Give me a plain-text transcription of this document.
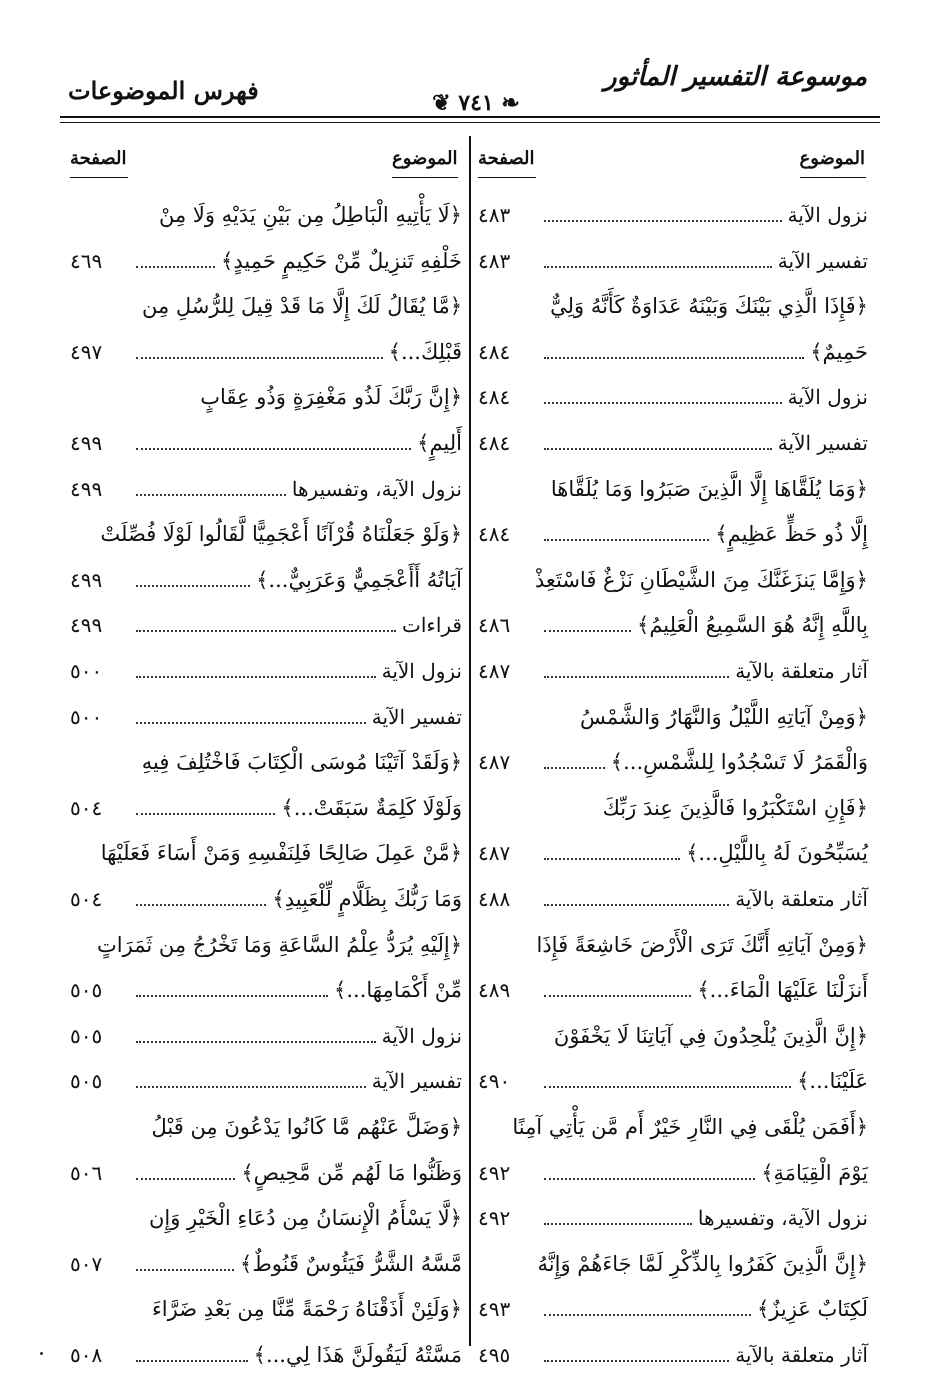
موسوعة التفسير المأثور
❦ ٧٤١ ❧
فهرس الموضوعات
الموضوع
الصفحة
الموضوع
الصفحة
نزول الآية
٤٨٣
تفسير الآية
٤٨٣
﴿فَإِذَا الَّذِي بَيْنَكَ وَبَيْنَهُ عَدَاوَةٌ كَأَنَّهُ وَلِيٌّ
حَمِيمٌ﴾
٤٨٤
نزول الآية
٤٨٤
تفسير الآية
٤٨٤
﴿وَمَا يُلَقَّاهَا إِلَّا الَّذِينَ صَبَرُوا وَمَا يُلَقَّاهَا
إِلَّا ذُو حَظٍّ عَظِيمٍ﴾
٤٨٤
﴿وَإِمَّا يَنزَغَنَّكَ مِنَ الشَّيْطَانِ نَزْغٌ فَاسْتَعِذْ
بِاللَّهِ إِنَّهُ هُوَ السَّمِيعُ الْعَلِيمُ﴾
٤٨٦
آثار متعلقة بالآية
٤٨٧
﴿وَمِنْ آيَاتِهِ اللَّيْلُ وَالنَّهَارُ وَالشَّمْسُ
وَالْقَمَرُ لَا تَسْجُدُوا لِلشَّمْسِ...﴾
٤٨٧
﴿فَإِنِ اسْتَكْبَرُوا فَالَّذِينَ عِندَ رَبِّكَ
يُسَبِّحُونَ لَهُ بِاللَّيْلِ...﴾
٤٨٧
آثار متعلقة بالآية
٤٨٨
﴿وَمِنْ آيَاتِهِ أَنَّكَ تَرَى الْأَرْضَ خَاشِعَةً فَإِذَا
أَنزَلْنَا عَلَيْهَا الْمَاءَ...﴾
٤٨٩
﴿إِنَّ الَّذِينَ يُلْحِدُونَ فِي آيَاتِنَا لَا يَخْفَوْنَ
عَلَيْنَا...﴾
٤٩٠
﴿أَفَمَن يُلْقَى فِي النَّارِ خَيْرٌ أَم مَّن يَأْتِي آمِنًا
يَوْمَ الْقِيَامَةِ﴾
٤٩٢
نزول الآية، وتفسيرها
٤٩٢
﴿إِنَّ الَّذِينَ كَفَرُوا بِالذِّكْرِ لَمَّا جَاءَهُمْ وَإِنَّهُ
لَكِتَابٌ عَزِيزٌ﴾
٤٩٣
آثار متعلقة بالآية
٤٩٥
﴿لَا يَأْتِيهِ الْبَاطِلُ مِن بَيْنِ يَدَيْهِ وَلَا مِنْ
خَلْفِهِ تَنزِيلٌ مِّنْ حَكِيمٍ حَمِيدٍ﴾
٤٦٩
﴿مَّا يُقَالُ لَكَ إِلَّا مَا قَدْ قِيلَ لِلرُّسُلِ مِن
قَبْلِكَ...﴾
٤٩٧
﴿إِنَّ رَبَّكَ لَذُو مَغْفِرَةٍ وَذُو عِقَابٍ
أَلِيمٍ﴾
٤٩٩
نزول الآية، وتفسيرها
٤٩٩
﴿وَلَوْ جَعَلْنَاهُ قُرْآنًا أَعْجَمِيًّا لَّقَالُوا لَوْلَا فُصِّلَتْ
آيَاتُهُ أَأَعْجَمِيٌّ وَعَرَبِيٌّ...﴾
٤٩٩
قراءات
٤٩٩
نزول الآية
٥٠٠
تفسير الآية
٥٠٠
﴿وَلَقَدْ آتَيْنَا مُوسَى الْكِتَابَ فَاخْتُلِفَ فِيهِ
وَلَوْلَا كَلِمَةٌ سَبَقَتْ...﴾
٥٠٤
﴿مَّنْ عَمِلَ صَالِحًا فَلِنَفْسِهِ وَمَنْ أَسَاءَ فَعَلَيْهَا
وَمَا رَبُّكَ بِظَلَّامٍ لِّلْعَبِيدِ﴾
٥٠٤
﴿إِلَيْهِ يُرَدُّ عِلْمُ السَّاعَةِ وَمَا تَخْرُجُ مِن ثَمَرَاتٍ
مِّنْ أَكْمَامِهَا...﴾
٥٠٥
نزول الآية
٥٠٥
تفسير الآية
٥٠٥
﴿وَضَلَّ عَنْهُم مَّا كَانُوا يَدْعُونَ مِن قَبْلُ
وَظَنُّوا مَا لَهُم مِّن مَّحِيصٍ﴾
٥٠٦
﴿لَّا يَسْأَمُ الْإِنسَانُ مِن دُعَاءِ الْخَيْرِ وَإِن
مَّسَّهُ الشَّرُّ فَيَئُوسٌ قَنُوطٌ﴾
٥٠٧
﴿وَلَئِنْ أَذَقْنَاهُ رَحْمَةً مِّنَّا مِن بَعْدِ ضَرَّاءَ
مَسَّتْهُ لَيَقُولَنَّ هَذَا لِي...﴾
٥٠٨
